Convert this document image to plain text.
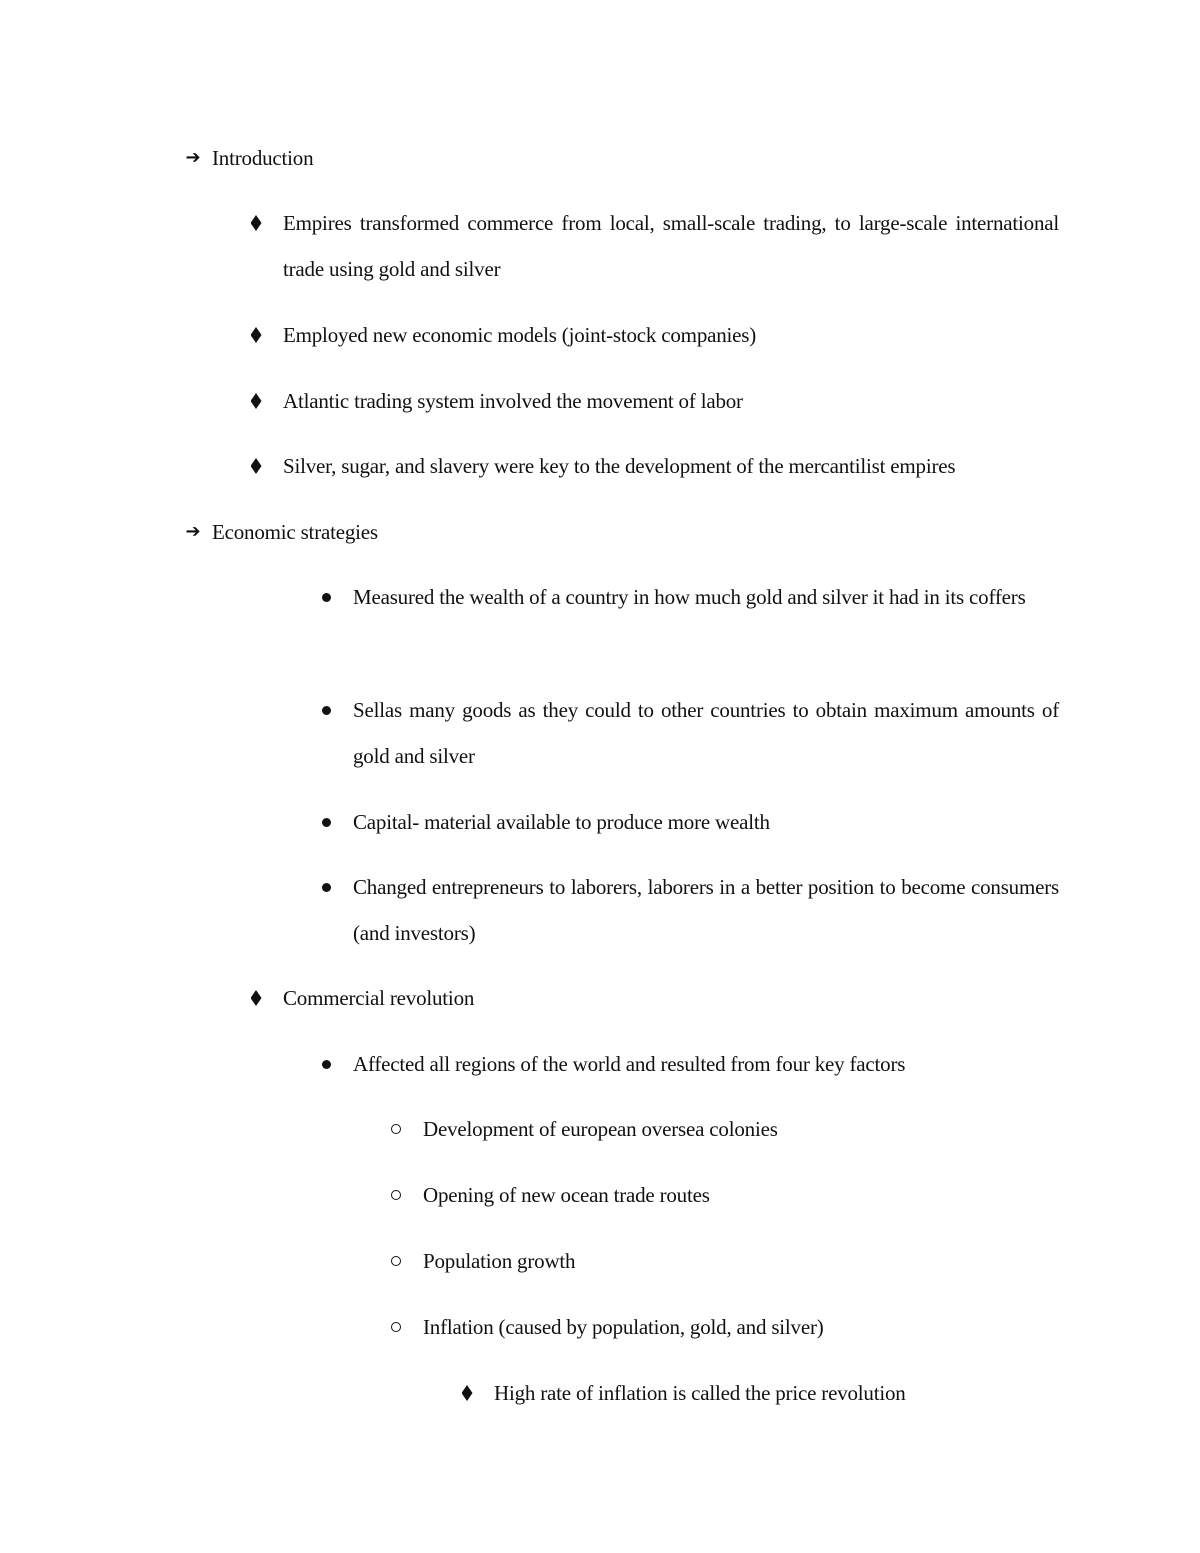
➔ Introduction
Empires transformed commerce from local, small-scale trading, to large-scale international trade using gold and silver
Employed new economic models (joint-stock companies)
Atlantic trading system involved the movement of labor
Silver, sugar, and slavery were key to the development of the mercantilist empires
➔ Economic strategies
Measured the wealth of a country in how much gold and silver it had in its coffers
Sellas many goods as they could to other countries to obtain maximum amounts of gold and silver
Capital- material available to produce more wealth
Changed entrepreneurs to laborers, laborers in a better position to become consumers (and investors)
Commercial revolution
Affected all regions of the world and resulted from four key factors
Development of european oversea colonies
Opening of new ocean trade routes
Population growth
Inflation (caused by population, gold, and silver)
High rate of inflation is called the price revolution
